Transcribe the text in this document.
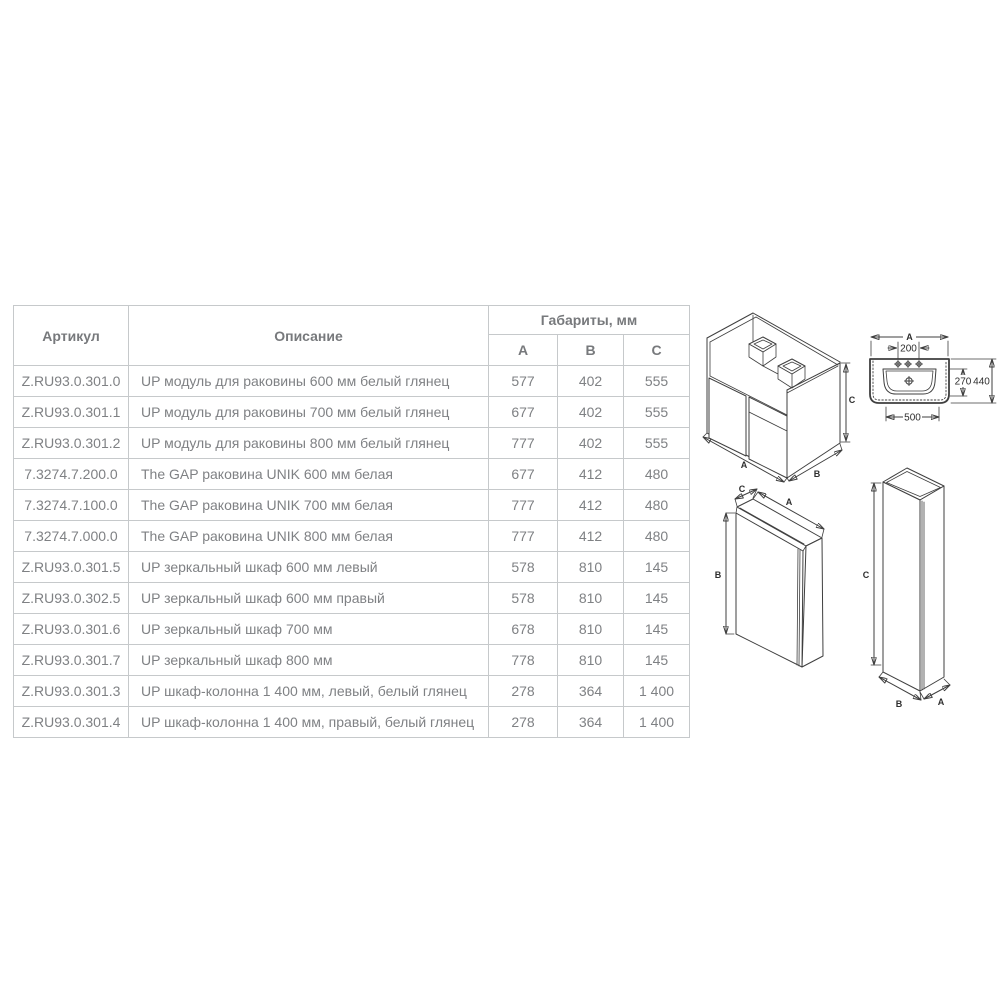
Артикул	Описание	Габариты, мм		
		A	B	C
Z.RU93.0.301.0	UP модуль для раковины 600 мм белый глянец	577	402	555
Z.RU93.0.301.1	UP модуль для раковины 700 мм белый глянец	677	402	555
Z.RU93.0.301.2	UP модуль для раковины 800 мм белый глянец	777	402	555
7.3274.7.200.0	The GAP раковина UNIK 600 мм белая	677	412	480
7.3274.7.100.0	The GAP раковина UNIK 700 мм белая	777	412	480
7.3274.7.000.0	The GAP раковина UNIK 800 мм белая	777	412	480
Z.RU93.0.301.5	UP зеркальный шкаф 600 мм левый	578	810	145
Z.RU93.0.302.5	UP зеркальный шкаф 600 мм правый	578	810	145
Z.RU93.0.301.6	UP зеркальный шкаф 700 мм	678	810	145
Z.RU93.0.301.7	UP зеркальный шкаф 800 мм	778	810	145
Z.RU93.0.301.3	UP шкаф-колонна 1 400 мм, левый, белый глянец	278	364	1 400
Z.RU93.0.301.4	UP шкаф-колонна 1 400 мм, правый, белый глянец	278	364	1 400
A
B
C
A
200
270 440
500
C
A
B	C
B	A
